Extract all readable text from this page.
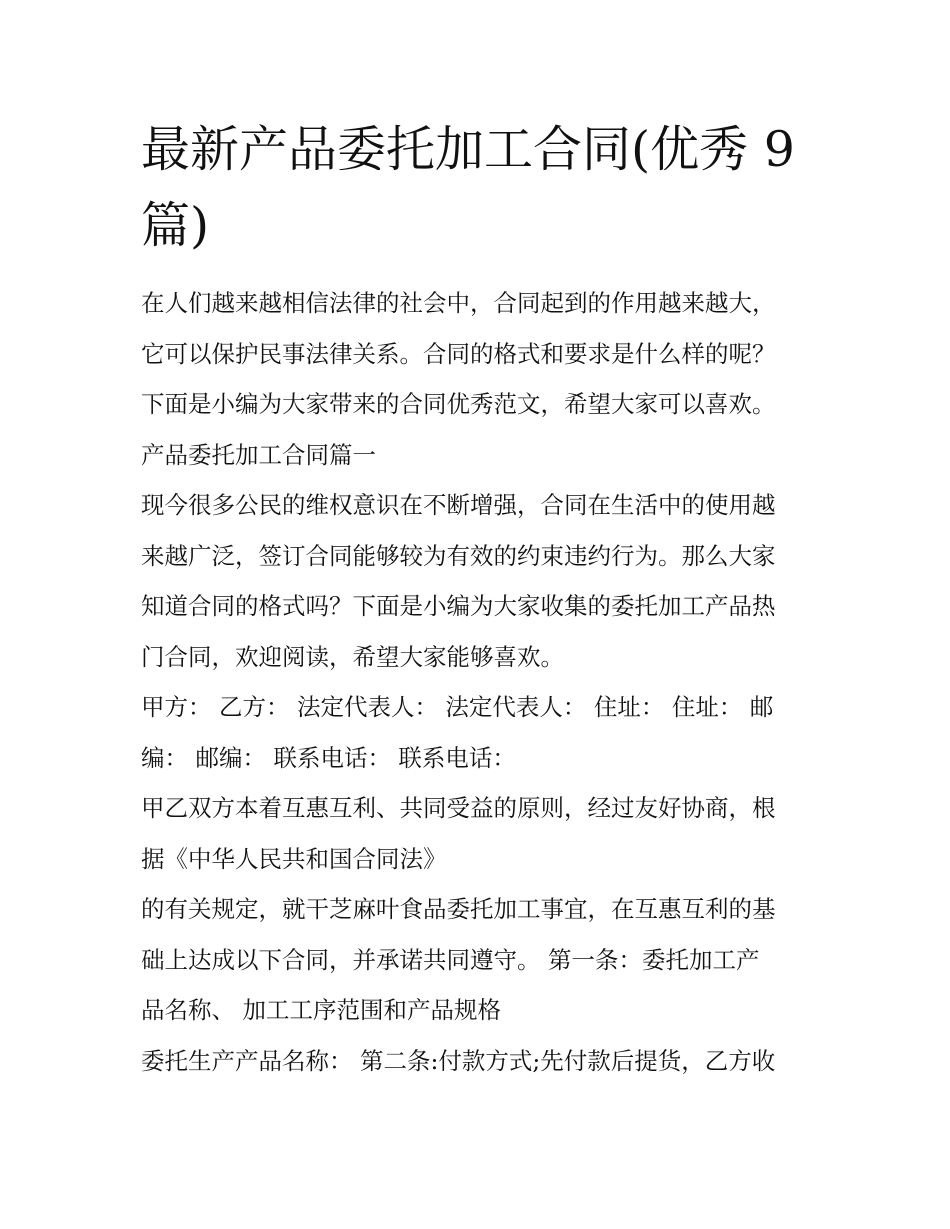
最新产品委托加工合同(优秀 9
篇)
在人们越来越相信法律的社会中，合同起到的作用越来越大，
它可以保护民事法律关系。合同的格式和要求是什么样的呢？
下面是小编为大家带来的合同优秀范文，希望大家可以喜欢。
产品委托加工合同篇一
现今很多公民的维权意识在不断增强，合同在生活中的使用越
来越广泛，签订合同能够较为有效的约束违约行为。那么大家
知道合同的格式吗？下面是小编为大家收集的委托加工产品热
门合同，欢迎阅读，希望大家能够喜欢。
甲方： 乙方： 法定代表人： 法定代表人： 住址： 住址： 邮
编： 邮编： 联系电话： 联系电话：
甲乙双方本着互惠互利、共同受益的原则，经过友好协商，根
据《中华人民共和国合同法》
的有关规定，就干芝麻叶食品委托加工事宜，在互惠互利的基
础上达成以下合同，并承诺共同遵守。 第一条：委托加工产
品名称、 加工工序范围和产品规格
委托生产产品名称： 第二条:付款方式;先付款后提货，乙方收
